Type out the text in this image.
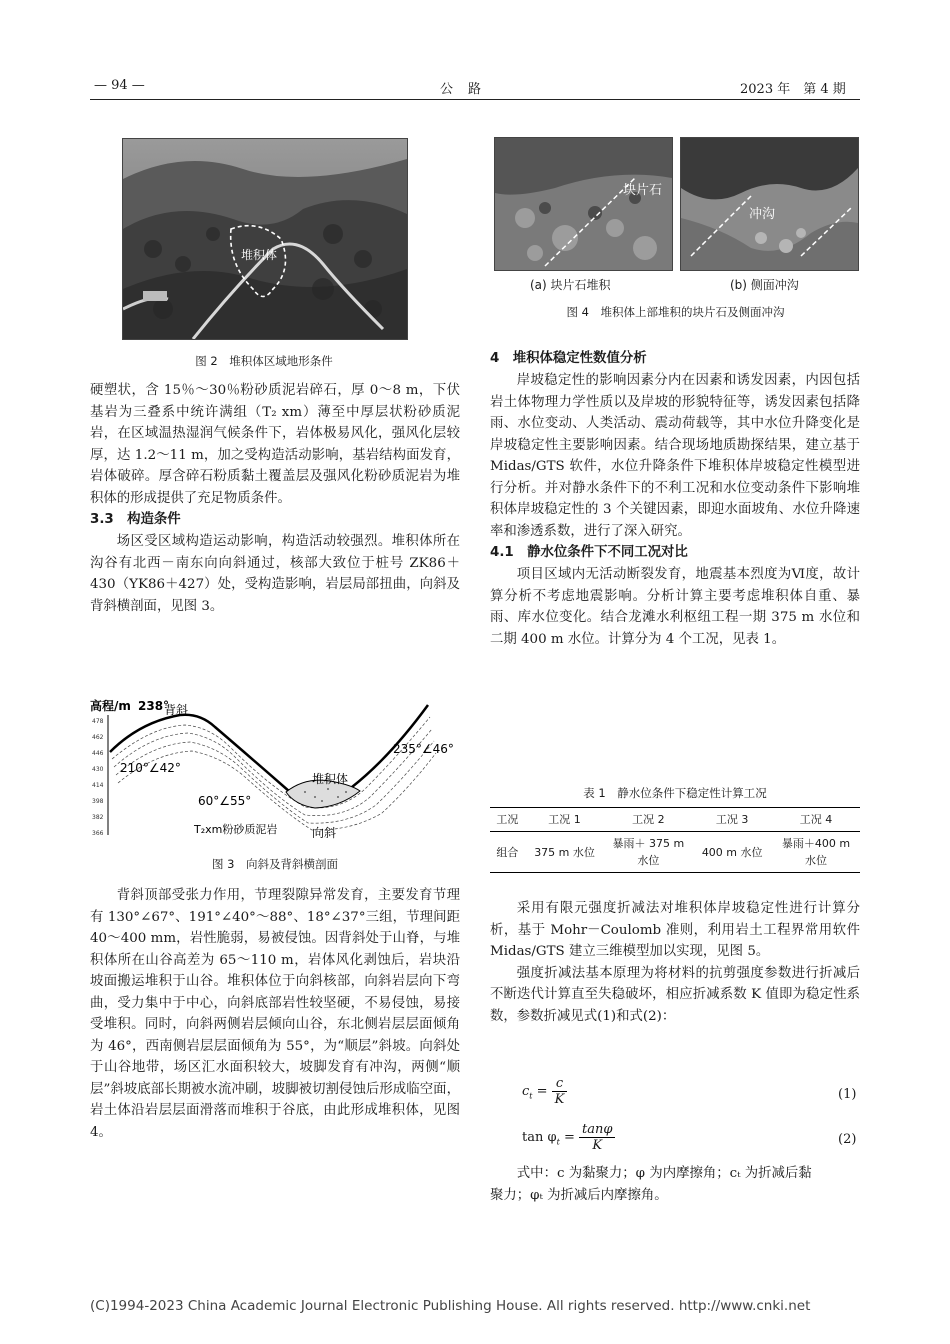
— 94 —	公　路	2023 年　第 4 期
堆积体
图 2　堆积体区域地形条件

硬塑状，含 15％～30％粉砂质泥岩碎石，厚 0～8 m，下伏基岩为三叠系中统许满组（T₂ xm）薄至中厚层状粉砂质泥岩，在区域温热湿润气候条件下，岩体极易风化，强风化层较厚，达 1.2～11 m，加之受构造活动影响，基岩结构面发育，岩体破碎。厚含碎石粉质黏土覆盖层及强风化粉砂质泥岩为堆积体的形成提供了充足物质条件。

3.3　构造条件

场区受区域构造运动影响，构造活动较强烈。堆积体所在沟谷有北西－南东向向斜通过，核部大致位于桩号 ZK86＋430（YK86＋427）处，受构造影响，岩层局部扭曲，向斜及背斜横剖面，见图 3。

高程/m 238°
478
462
446
430
414
398
382
366
背斜
210°∠42°
60°∠55°
235°∠46°
堆积体
T₂xm粉砂质泥岩	向斜
图 3　向斜及背斜横剖面

背斜顶部受张力作用，节理裂隙异常发育，主要发育节理有 130°∠67°、191°∠40°～88°、18°∠37°三组，节理间距 40～400 mm，岩性脆弱，易被侵蚀。因背斜处于山脊，与堆积体所在山谷高差为 65～110 m，岩体风化剥蚀后，岩块沿坡面搬运堆积于山谷。堆积体位于向斜核部，向斜岩层向下弯曲，受力集中于中心，向斜底部岩性较坚硬，不易侵蚀，易接受堆积。同时，向斜两侧岩层倾向山谷，东北侧岩层层面倾角为 46°，西南侧岩层层面倾角为 55°，为“顺层”斜坡。向斜处于山谷地带，场区汇水面积较大，坡脚发育有冲沟，两侧“顺层”斜坡底部长期被水流冲刷，坡脚被切割侵蚀后形成临空面，岩土体沿岩层层面滑落而堆积于谷底，由此形成堆积体，见图 4。

块片石
冲沟
(a) 块片石堆积	(b) 侧面冲沟
图 4　堆积体上部堆积的块片石及侧面冲沟
4　堆积体稳定性数值分析

岸坡稳定性的影响因素分内在因素和诱发因素，内因包括岩土体物理力学性质以及岸坡的形貌特征等，诱发因素包括降雨、水位变动、人类活动、震动荷载等，其中水位升降变化是岸坡稳定性主要影响因素。结合现场地质勘探结果，建立基于 Midas/GTS 软件，水位升降条件下堆积体岸坡稳定性模型进行分析。并对静水条件下的不利工况和水位变动条件下影响堆积体岸坡稳定性的 3 个关键因素，即迎水面坡角、水位升降速率和渗透系数，进行了深入研究。

4.1　静水位条件下不同工况对比

项目区域内无活动断裂发育，地震基本烈度为Ⅵ度，故计算分析不考虑地震影响。分析计算主要考虑堆积体自重、暴雨、库水位变化。结合龙滩水利枢纽工程一期 375 m 水位和二期 400 m 水位。计算分为 4 个工况，见表 1。

表 1　静水位条件下稳定性计算工况
工况	工况 1	工况 2	工况 3	工况 4
组合	375 m 水位	暴雨＋ 375 m 水位	400 m 水位	暴雨＋400 m 水位

采用有限元强度折减法对堆积体岸坡稳定性进行计算分析，基于 Mohr－Coulomb 准则，利用岩土工程界常用软件 Midas/GTS 建立三维模型加以实现，见图 5。

强度折减法基本原理为将材料的抗剪强度参数进行折减后不断迭代计算直至失稳破坏，相应折减系数 K 值即为稳定性系数，参数折减见式(1)和式(2)：

$c_t = \frac{c}{K}$	(1)
$\tan \varphi_t = \frac{\tan\varphi}{K}$	(2)

式中：c 为黏聚力；φ 为内摩擦角；cₜ 为折减后黏

聚力；φₜ 为折减后内摩擦角。

(C)1994-2023 China Academic Journal Electronic Publishing House. All rights reserved. http://www.cnki.net
